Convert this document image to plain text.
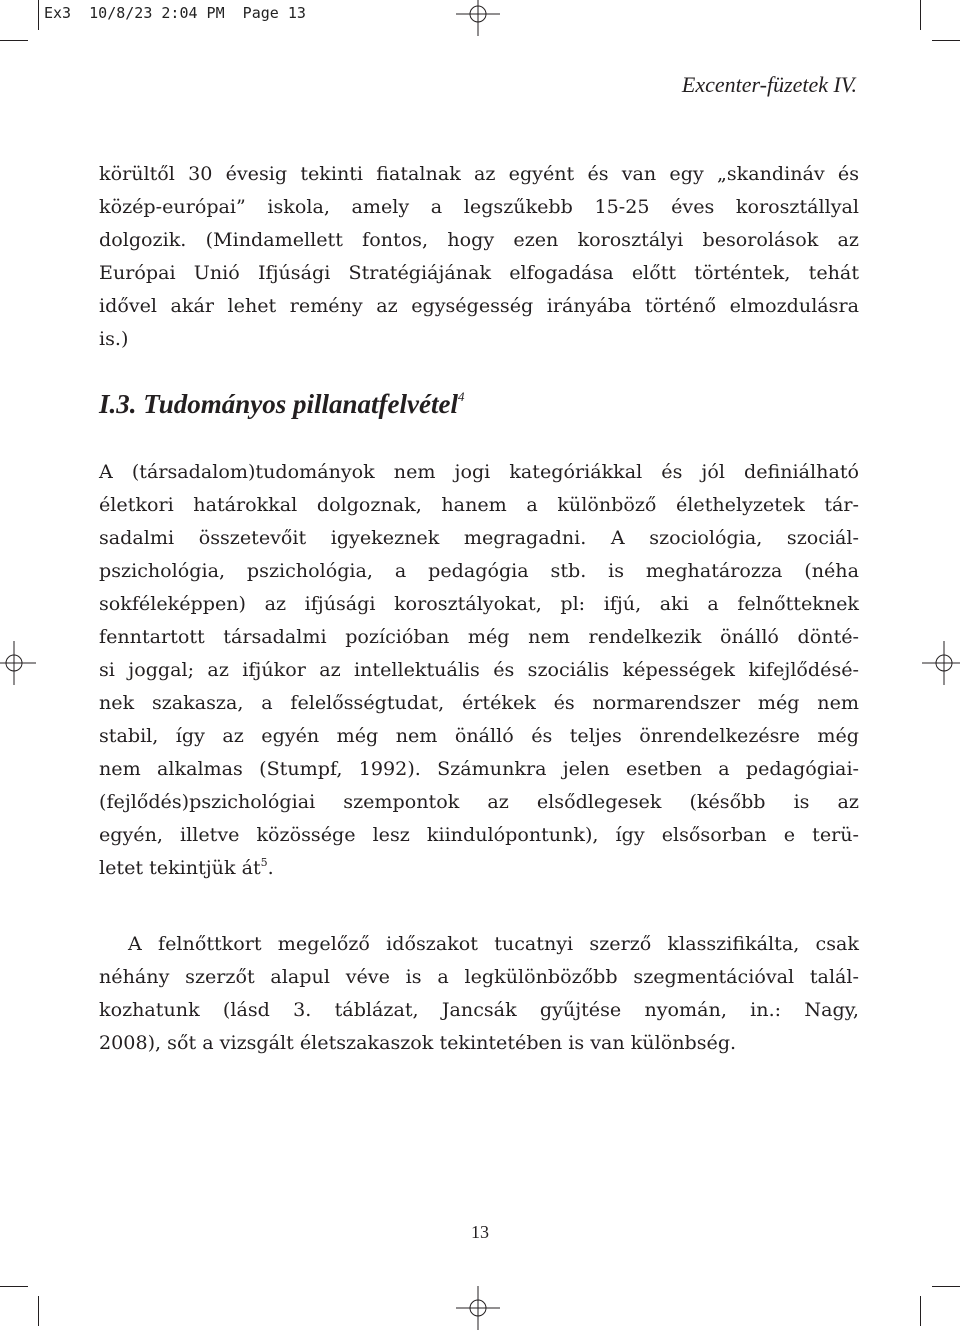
Ex3  10/8/23 2:04 PM  Page 13
Excenter-füzetek IV.
körültől 30 évesig tekinti fiatalnak az egyént és van egy „skandináv és
közép-európai” iskola, amely a legszűkebb 15-25 éves korosztállyal
dolgozik. (Mindamellett fontos, hogy ezen korosztályi besorolások az
Európai Unió Ifjúsági Stratégiájának elfogadása előtt történtek, tehát
idővel akár lehet remény az egységesség irányába történő elmozdulásra
is.)
I.3. Tudományos pillanatfelvétel$^4$
A (társadalom)tudományok nem jogi kategóriákkal és jól definiálható
életkori határokkal dolgoznak, hanem a különböző élethelyzetek tár-
sadalmi összetevőit igyekeznek megragadni. A szociológia, szociál-
pszichológia, pszichológia, a pedagógia stb. is meghatározza (néha
sokféleképpen) az ifjúsági korosztályokat, pl: ifjú, aki a felnőtteknek
fenntartott társadalmi pozícióban még nem rendelkezik önálló dönté-
si joggal; az ifjúkor az intellektuális és szociális képességek kifejlődésé-
nek szakasza, a felelősségtudat, értékek és normarendszer még nem
stabil, így az egyén még nem önálló és teljes önrendelkezésre még
nem alkalmas (Stumpf, 1992). Számunkra jelen esetben a pedagógiai-
(fejlődés)pszichológiai szempontok az elsődlegesek (később is az
egyén, illetve közössége lesz kiindulópontunk), így elsősorban e terü-
letet tekintjük $át^5$.
A felnőttkort megelőző időszakot tucatnyi szerző klasszifikálta, csak
néhány szerzőt alapul véve is a legkülönbözőbb szegmentációval talál-
kozhatunk (lásd 3. táblázat, Jancsák gyűjtése nyomán, in.: Nagy,
2008), sőt a vizsgált életszakaszok tekintetében is van különbség.
13
